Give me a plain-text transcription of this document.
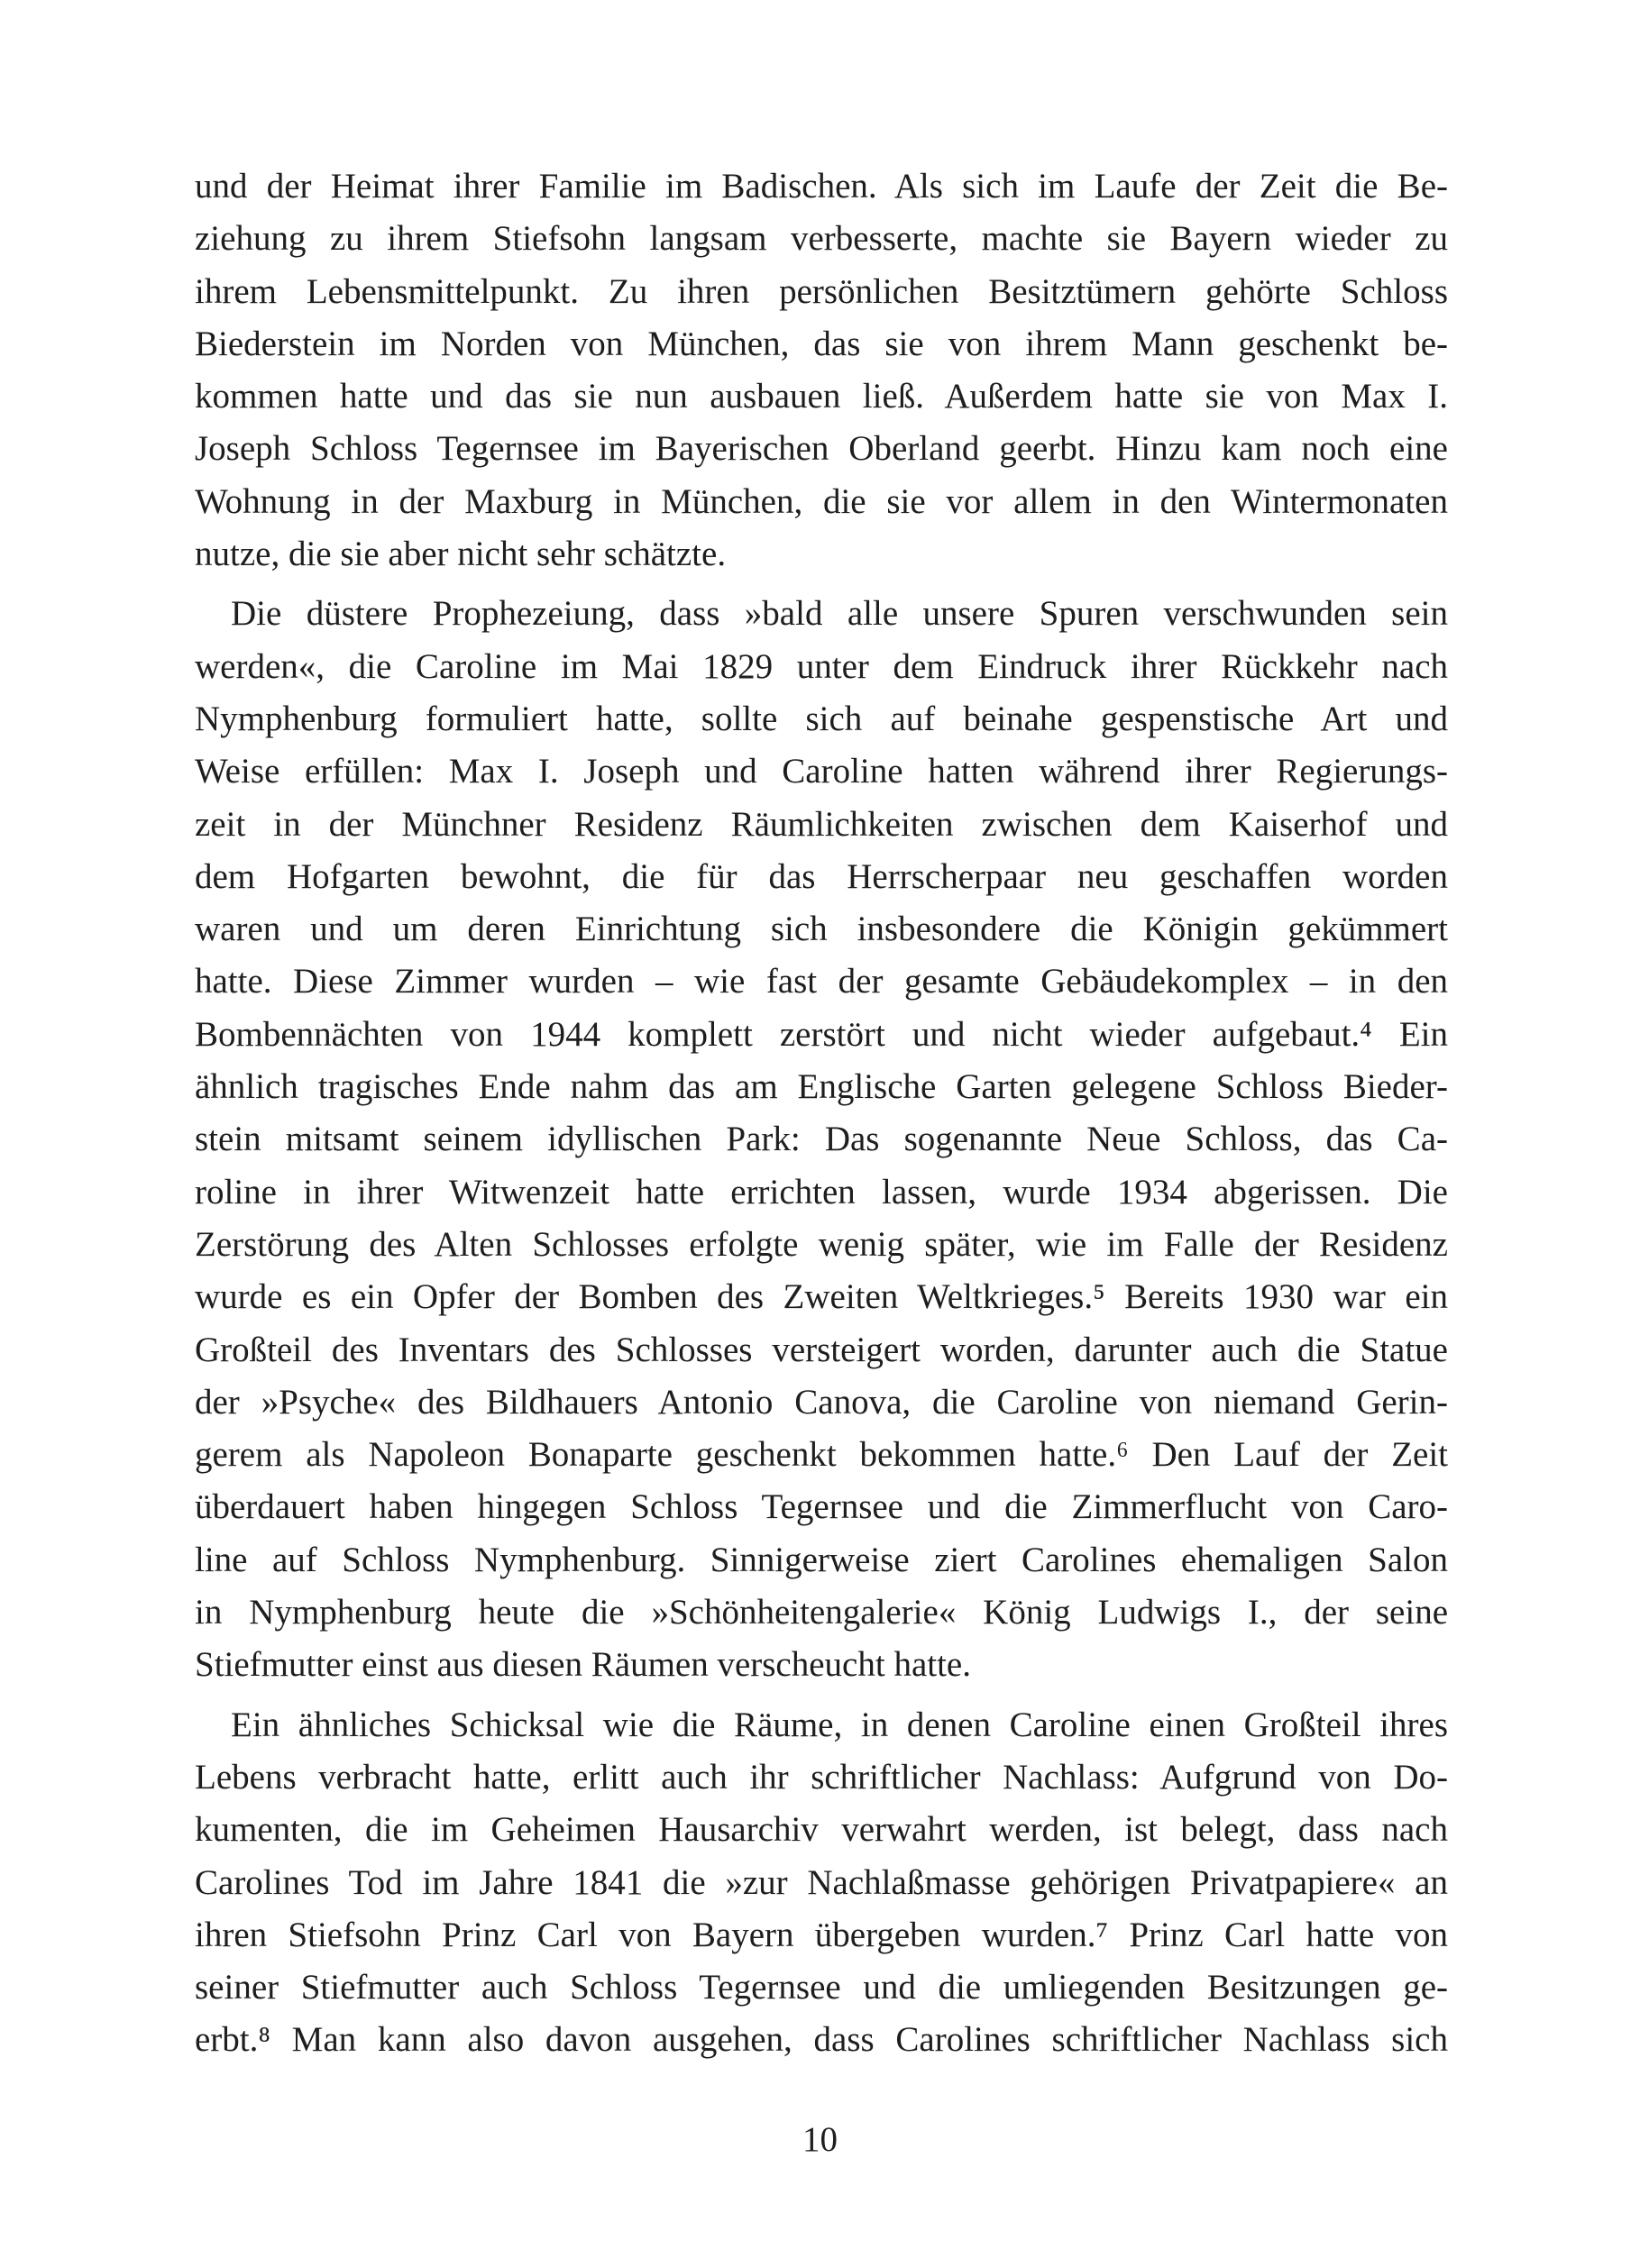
und der Heimat ihrer Familie im Badischen. Als sich im Laufe der Zeit die Be-
ziehung zu ihrem Stiefsohn langsam verbesserte, machte sie Bayern wieder zu
ihrem Lebensmittelpunkt. Zu ihren persönlichen Besitztümern gehörte Schloss
Biederstein im Norden von München, das sie von ihrem Mann geschenkt be-
kommen hatte und das sie nun ausbauen ließ. Außerdem hatte sie von Max I.
Joseph Schloss Tegernsee im Bayerischen Oberland geerbt. Hinzu kam noch eine
Wohnung in der Maxburg in München, die sie vor allem in den Wintermonaten
nutze, die sie aber nicht sehr schätzte.
Die düstere Prophezeiung, dass »bald alle unsere Spuren verschwunden sein
werden«, die Caroline im Mai 1829 unter dem Eindruck ihrer Rückkehr nach
Nymphenburg formuliert hatte, sollte sich auf beinahe gespenstische Art und
Weise erfüllen: Max I. Joseph und Caroline hatten während ihrer Regierungs-
zeit in der Münchner Residenz Räumlichkeiten zwischen dem Kaiserhof und
dem Hofgarten bewohnt, die für das Herrscherpaar neu geschaffen worden
waren und um deren Einrichtung sich insbesondere die Königin gekümmert
hatte. Diese Zimmer wurden – wie fast der gesamte Gebäudekomplex – in den
Bombennächten von 1944 komplett zerstört und nicht wieder aufgebaut.⁴ Ein
ähnlich tragisches Ende nahm das am Englische Garten gelegene Schloss Bieder-
stein mitsamt seinem idyllischen Park: Das sogenannte Neue Schloss, das Ca-
roline in ihrer Witwenzeit hatte errichten lassen, wurde 1934 abgerissen. Die
Zerstörung des Alten Schlosses erfolgte wenig später, wie im Falle der Residenz
wurde es ein Opfer der Bomben des Zweiten Weltkrieges.⁵ Bereits 1930 war ein
Großteil des Inventars des Schlosses versteigert worden, darunter auch die Statue
der »Psyche« des Bildhauers Antonio Canova, die Caroline von niemand Gerin-
gerem als Napoleon Bonaparte geschenkt bekommen hatte.⁶ Den Lauf der Zeit
überdauert haben hingegen Schloss Tegernsee und die Zimmerflucht von Caro-
line auf Schloss Nymphenburg. Sinnigerweise ziert Carolines ehemaligen Salon
in Nymphenburg heute die »Schönheitengalerie« König Ludwigs I., der seine
Stiefmutter einst aus diesen Räumen verscheucht hatte.
Ein ähnliches Schicksal wie die Räume, in denen Caroline einen Großteil ihres
Lebens verbracht hatte, erlitt auch ihr schriftlicher Nachlass: Aufgrund von Do-
kumenten, die im Geheimen Hausarchiv verwahrt werden, ist belegt, dass nach
Carolines Tod im Jahre 1841 die »zur Nachlaßmasse gehörigen Privatpapiere« an
ihren Stiefsohn Prinz Carl von Bayern übergeben wurden.⁷ Prinz Carl hatte von
seiner Stiefmutter auch Schloss Tegernsee und die umliegenden Besitzungen ge-
erbt.⁸ Man kann also davon ausgehen, dass Carolines schriftlicher Nachlass sich
10
